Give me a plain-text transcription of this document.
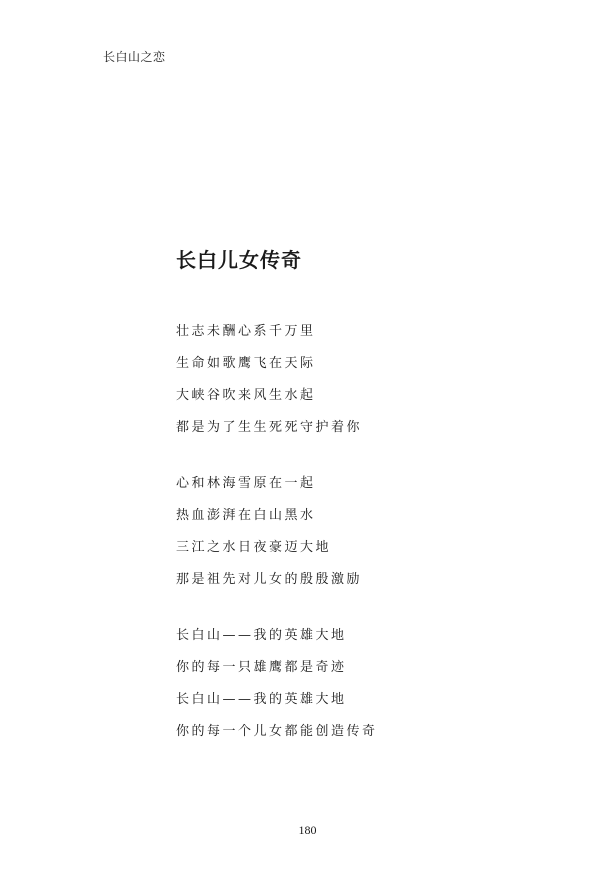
长白山之恋
长白儿女传奇
壮志未酬心系千万里
生命如歌鹰飞在天际
大峡谷吹来风生水起
都是为了生生死死守护着你
心和林海雪原在一起
热血澎湃在白山黑水
三江之水日夜豪迈大地
那是祖先对儿女的殷殷激励
长白山——我的英雄大地
你的每一只雄鹰都是奇迹
长白山——我的英雄大地
你的每一个儿女都能创造传奇
180
